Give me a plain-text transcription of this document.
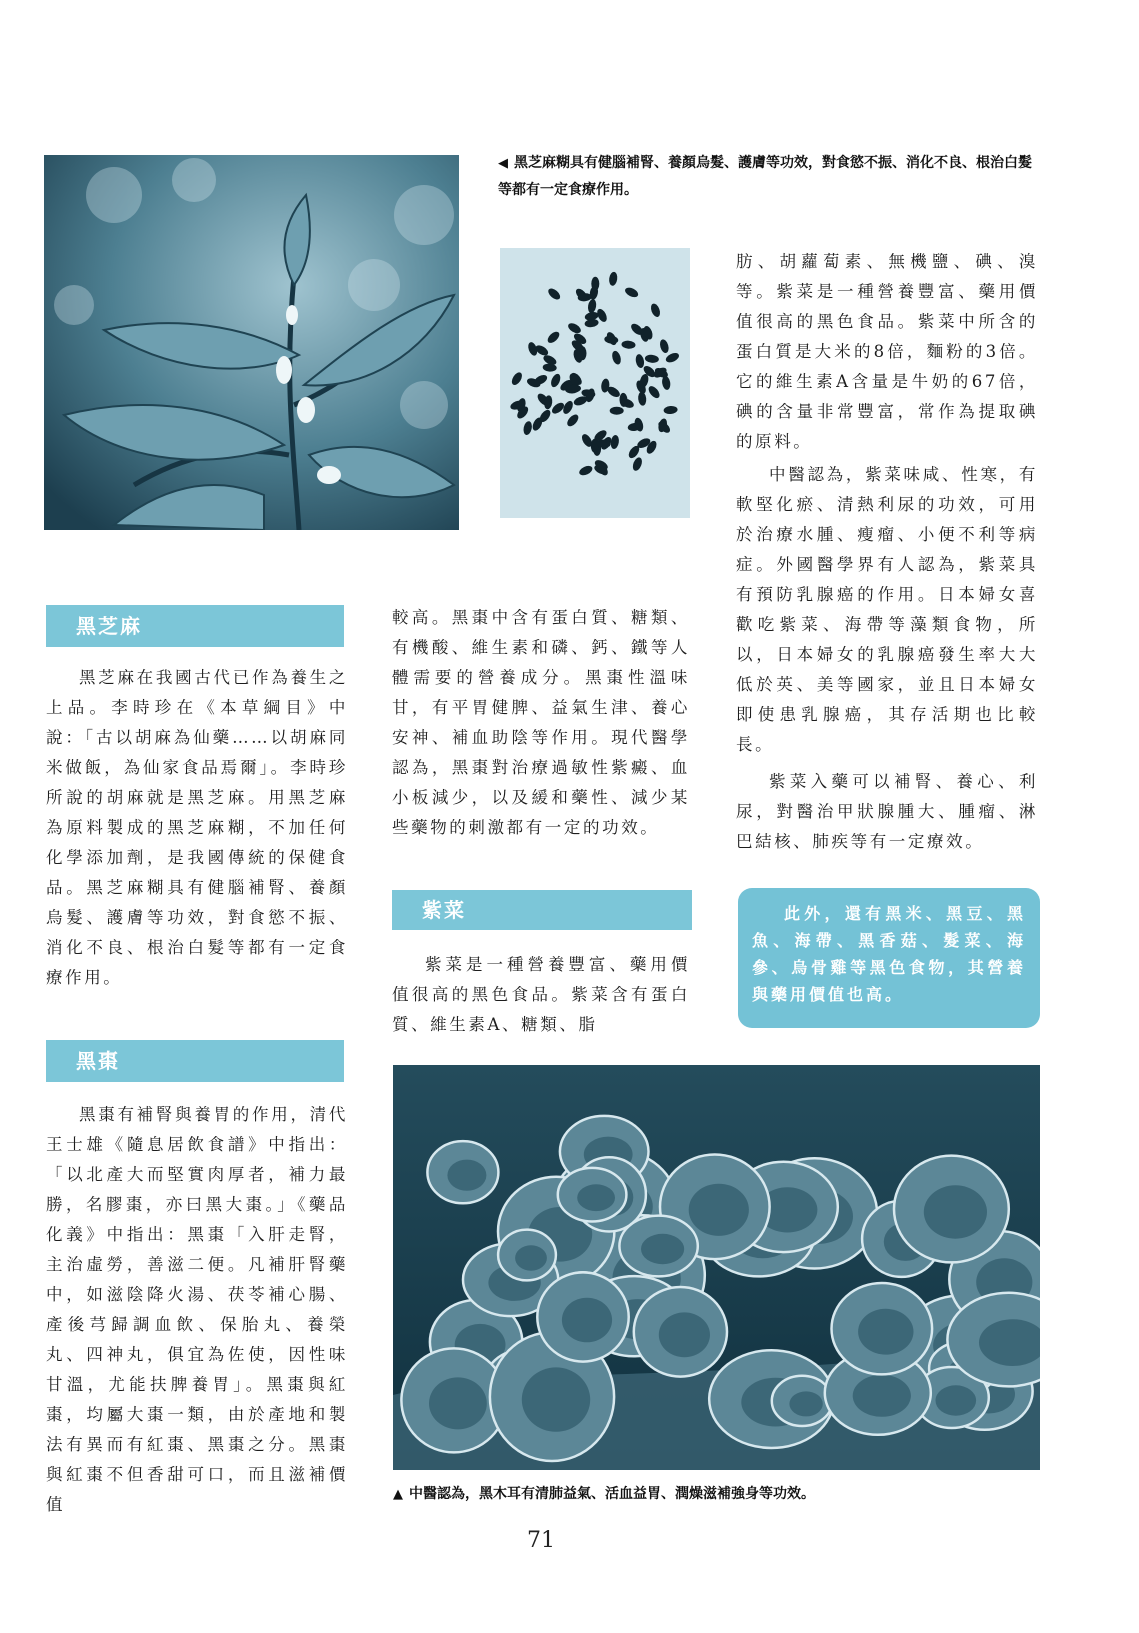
◀ 黑芝麻糊具有健腦補腎、養顏烏髮、護膚等功效，對食慾不振、消化不良、根治白髮等都有一定食療作用。
黑芝麻

黑芝麻在我國古代已作為養生之上品。李時珍在《本草綱目》中說：「古以胡麻為仙藥……以胡麻同米做飯，為仙家食品焉爾」。李時珍所說的胡麻就是黑芝麻。用黑芝麻為原料製成的黑芝麻糊，不加任何化學添加劑，是我國傳統的保健食品。黑芝麻糊具有健腦補腎、養顏烏髮、護膚等功效，對食慾不振、消化不良、根治白髮等都有一定食療作用。

黑棗

黑棗有補腎與養胃的作用，清代王士雄《隨息居飲食譜》中指出：「以北產大而堅實肉厚者，補力最勝，名膠棗，亦曰黑大棗。」《藥品化義》中指出：黑棗「入肝走腎，主治虛勞，善滋二便。凡補肝腎藥中，如滋陰降火湯、茯苓補心腸、產後芎歸調血飲、保胎丸、養榮丸、四神丸，俱宜為佐使，因性味甘溫，尤能扶脾養胃」。黑棗與紅棗，均屬大棗一類，由於產地和製法有異而有紅棗、黑棗之分。黑棗與紅棗不但香甜可口，而且滋補價值

較高。黑棗中含有蛋白質、糖類、有機酸、維生素和磷、鈣、鐵等人體需要的營養成分。黑棗性溫味甘，有平胃健脾、益氣生津、養心安神、補血助陰等作用。現代醫學認為，黑棗對治療過敏性紫癜、血小板減少，以及緩和藥性、減少某些藥物的刺激都有一定的功效。

紫菜

紫菜是一種營養豐富、藥用價值很高的黑色食品。紫菜含有蛋白質、維生素A、糖類、脂

肪、胡蘿蔔素、無機鹽、碘、溴等。紫菜是一種營養豐富、藥用價值很高的黑色食品。紫菜中所含的蛋白質是大米的8倍，麵粉的3倍。它的維生素A含量是牛奶的67倍，碘的含量非常豐富，常作為提取碘的原料。

中醫認為，紫菜味咸、性寒，有軟堅化瘀、清熱利尿的功效，可用於治療水腫、瘦瘤、小便不利等病症。外國醫學界有人認為，紫菜具有預防乳腺癌的作用。日本婦女喜歡吃紫菜、海帶等藻類食物，所以，日本婦女的乳腺癌發生率大大低於英、美等國家，並且日本婦女即使患乳腺癌，其存活期也比較長。

紫菜入藥可以補腎、養心、利尿，對醫治甲狀腺腫大、腫瘤、淋巴結核、肺疾等有一定療效。

此外，還有黑米、黑豆、黑魚、海帶、黑香菇、髮菜、海參、烏骨雞等黑色食物，其營養與藥用價值也高。
▲ 中醫認為，黑木耳有清肺益氣、活血益胃、潤燥滋補強身等功效。
71
